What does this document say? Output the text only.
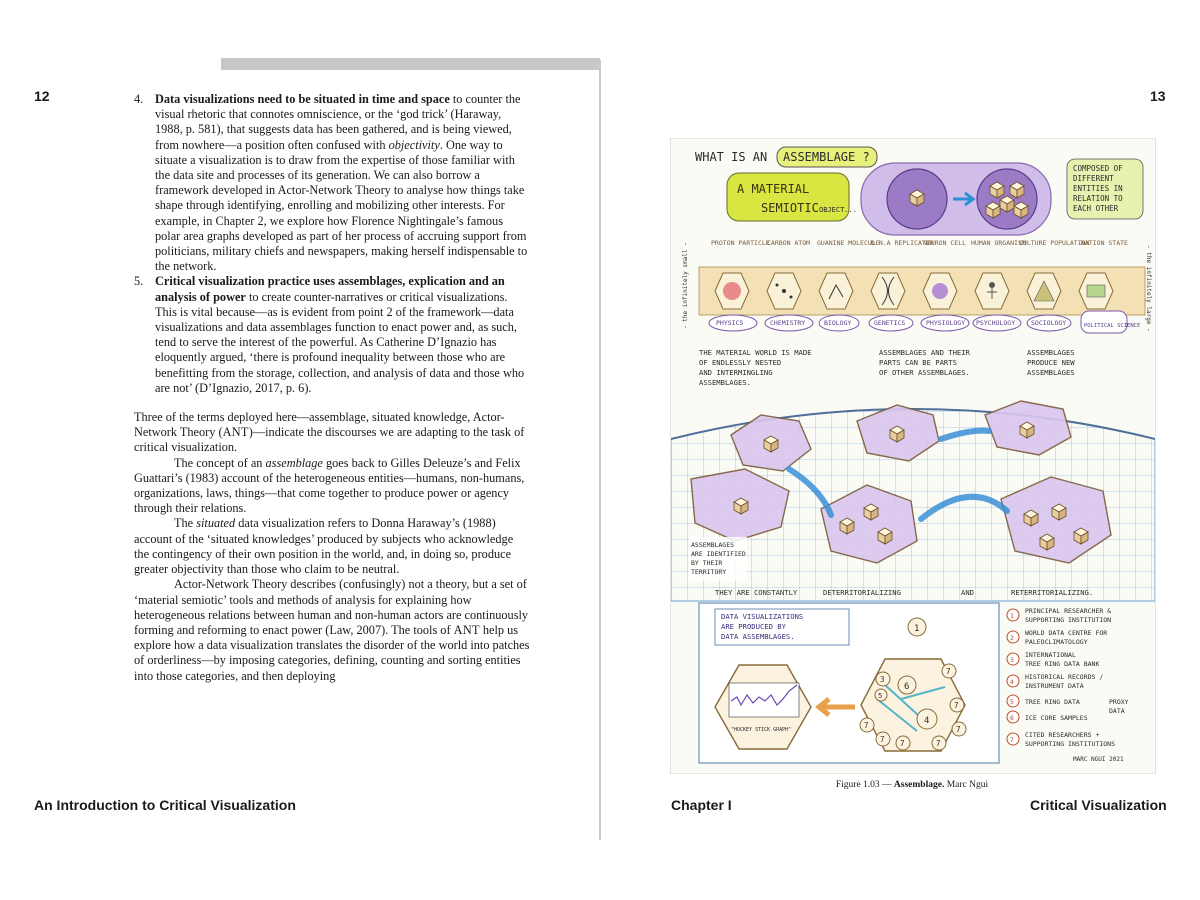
12	4. Data visualizations need to be situated in time and space to counter the visual rhetoric that connotes omniscience, or the ‘god trick’ (Haraway, 1988, p. 581), that suggests data has been gathered, and is being viewed, from nowhere—a position often confused with objectivity. One way to situate a visualization is to draw from the expertise of those familiar with the data site and processes of its generation. We can also borrow a framework developed in Actor-Network Theory to analyse how things take shape through identifying, enrolling and mobilizing other interests. For example, in Chapter 2, we explore how Florence Nightingale’s famous polar area graphs developed as part of her process of accruing support from politicians, military chiefs and newspapers, making herself indispensable to the network.

5. Critical visualization practice uses assemblages, explication and an analysis of power to create counter-narratives or critical visualizations. This is vital because—as is evident from point 2 of the framework—data visualizations and data assemblages function to enact power and, as such, tend to serve the interest of the powerful. As Catherine D’Ignazio has eloquently argued, ‘there is profound inequality between those who are benefitting from the storage, collection, and analysis of data and those who are not’ (D’Ignazio, 2017, p. 6).

Three of the terms deployed here—assemblage, situated knowledge, Actor-Network Theory (ANT)—indicate the discourses we are adapting to the task of critical visualization.

The concept of an assemblage goes back to Gilles Deleuze’s and Felix Guattari’s (1983) account of the heterogeneous entities—humans, non-humans, organizations, laws, things—that come together to produce power or agency through their relations.

The situated data visualization refers to Donna Haraway’s (1988) account of the ‘situated knowledges’ produced by subjects who acknowledge the contingency of their own position in the world, and, in doing so, produce greater objectivity than those who claim to be neutral.

Actor-Network Theory describes (confusingly) not a theory, but a set of ‘material semiotic’ tools and methods of analysis for explaining how heterogeneous relations between human and non-human actors are continuously forming and reforming to enact power (Law, 2007). The tools of ANT help us explore how a data visualization translates the disorder of the world into patches of orderliness—by imposing categories, defining, counting and sorting entities into those categories, and then deploying

An Introduction to Critical Visualization
13
WHAT IS AN ASSEMBLAGE ?
A MATERIAL
SEMIOTIC OBJECT...
COMPOSED OF DIFFERENT ENTITIES IN RELATION TO EACH OTHER
PROTON PARTICLE
CARBON ATOM GUANINE MOLECULE
D.N.A REPLICATOR
NEURON CELL HUMAN ORGANISM
CULTURE POPULATION
NATION STATE
PHYSICS	CHEMISTRY	BIOLOGY	GENETICS	PHYSIOLOGY PSYCHOLOGY SOCIOLOGY	POLITICAL SCIENCE
- the infinitely small -	- the infinitely large -
THE MATERIAL WORLD IS MADE
OF ENDLESSLY NESTED
AND INTERMINGLING
ASSEMBLAGES.
ASSEMBLAGES AND THEIR
PARTS CAN BE PARTS
OF OTHER ASSEMBLAGES.
ASSEMBLAGES
PRODUCE NEW
ASSEMBLAGES
ASSEMBLAGES
ARE IDENTIFIED
BY THEIR
TERRITORY
THEY ARE CONSTANTLY	DETERRITORIALIZING	AND	RETERRITORIALIZING.
DATA VISUALIZATIONS
ARE PRODUCED BY
DATA ASSEMBLAGES.
"HOCKEY STICK GRAPH"
1
3
6
5
4
7
7
7
7
7 7	7
1
PRINCIPAL RESEARCHER &
SUPPORTING INSTITUTION
2
WORLD DATA CENTRE FOR
PALEOCLIMATOLOGY
3
INTERNATIONAL
TREE RING DATA BANK
4
HISTORICAL RECORDS /
INSTRUMENT DATA
5 TREE RING DATA
6 ICE CORE SAMPLES
PROXY
DATA
7
CITED RESEARCHERS +
SUPPORTING INSTITUTIONS
MARC NGUI 2021
Figure 1.03 — Assemblage. Marc Ngui
Chapter I	Critical Visualization
